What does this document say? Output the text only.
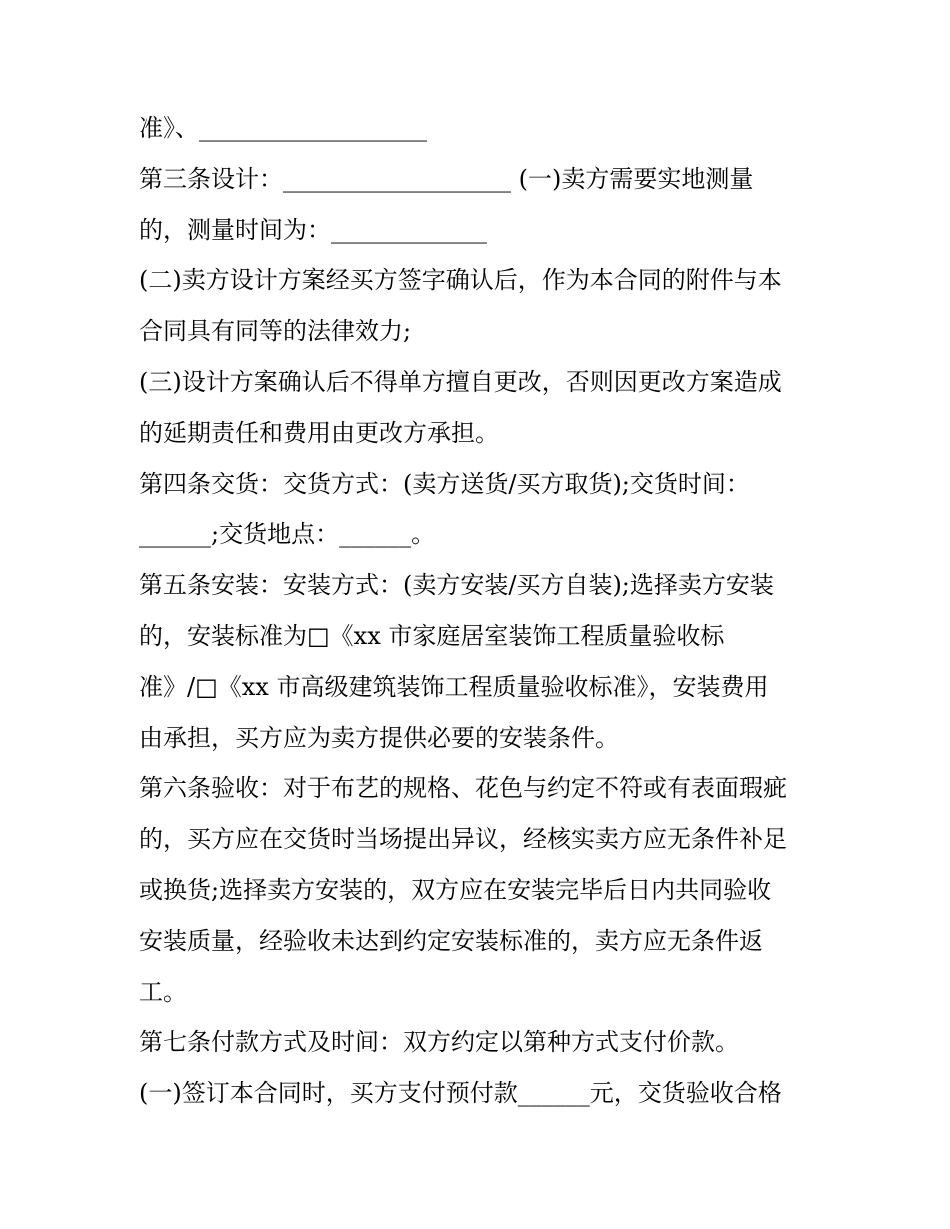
准》、___________________
第三条设计：___________________ (一)卖方需要实地测量
的，测量时间为：_____________
(二)卖方设计方案经买方签字确认后，作为本合同的附件与本
合同具有同等的法律效力;
(三)设计方案确认后不得单方擅自更改，否则因更改方案造成
的延期责任和费用由更改方承担。
第四条交货：交货方式：(卖方送货/买方取货);交货时间：
______;交货地点：______。
第五条安装：安装方式：(卖方安装/买方自装);选择卖方安装
的，安装标准为□《xx 市家庭居室装饰工程质量验收标
准》/□《xx 市高级建筑装饰工程质量验收标准》，安装费用
由承担，买方应为卖方提供必要的安装条件。
第六条验收：对于布艺的规格、花色与约定不符或有表面瑕疵
的，买方应在交货时当场提出异议，经核实卖方应无条件补足
或换货;选择卖方安装的，双方应在安装完毕后日内共同验收
安装质量，经验收未达到约定安装标准的，卖方应无条件返
工。
第七条付款方式及时间：双方约定以第种方式支付价款。
(一)签订本合同时，买方支付预付款______元，交货验收合格
